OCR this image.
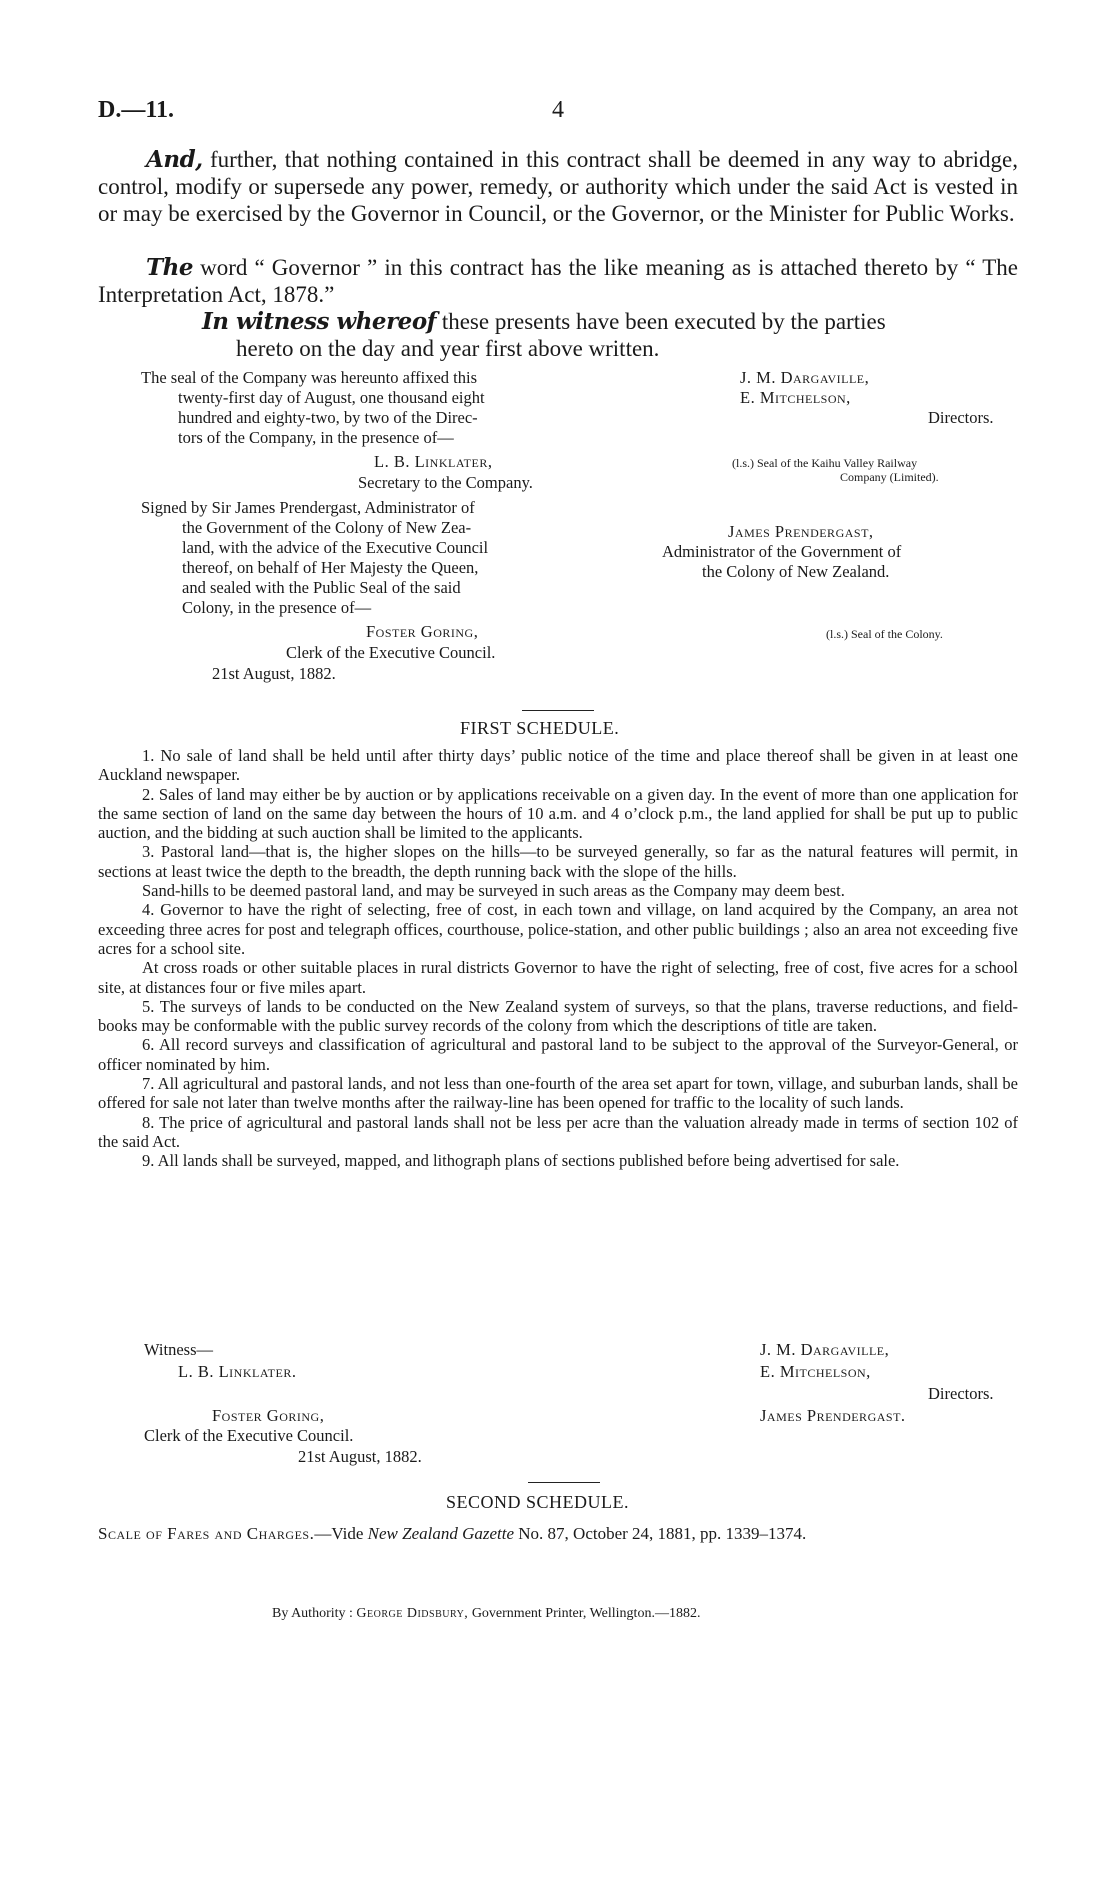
D.—11.	4

And, further, that nothing contained in this contract shall be deemed in any way to abridge, control, modify or supersede any power, remedy, or authority which under the said Act is vested in or may be exercised by the Governor in Council, or the Governor, or the Minister for Public Works.

The word “ Governor ” in this contract has the like meaning as is attached thereto by “ The Interpretation Act, 1878.”

In witness whereof these presents have been executed by the parties
hereto on the day and year first above written.
The seal of the Company was hereunto affixed this
twenty-first day of August, one thousand eight
hundred and eighty-two, by two of the Direc-
tors of the Company, in the presence of—
L. B. Linklater,
Secretary to the Company.
J. M. Dargaville,
E. Mitchelson,
Directors.
(l.s.) Seal of the Kaihu Valley Railway
Company (Limited).
Signed by Sir James Prendergast, Administrator of
the Government of the Colony of New Zea-
land, with the advice of the Executive Council
thereof, on behalf of Her Majesty the Queen,
and sealed with the Public Seal of the said
Colony, in the presence of—
Foster Goring,
Clerk of the Executive Council.
21st August, 1882.
James Prendergast,
Administrator of the Government of
the Colony of New Zealand.
(l.s.) Seal of the Colony.
FIRST SCHEDULE.
1. No sale of land shall be held until after thirty days’ public notice of the time and place thereof shall be given in at least one Auckland newspaper.
2. Sales of land may either be by auction or by applications receivable on a given day. In the event of more than one application for the same section of land on the same day between the hours of 10 a.m. and 4 o’clock p.m., the land applied for shall be put up to public auction, and the bidding at such auction shall be limited to the applicants.
3. Pastoral land—that is, the higher slopes on the hills—to be surveyed generally, so far as the natural features will permit, in sections at least twice the depth to the breadth, the depth running back with the slope of the hills.
Sand-hills to be deemed pastoral land, and may be surveyed in such areas as the Company may deem best.
4. Governor to have the right of selecting, free of cost, in each town and village, on land acquired by the Company, an area not exceeding three acres for post and telegraph offices, courthouse, police-station, and other public buildings ; also an area not exceeding five acres for a school site.
At cross roads or other suitable places in rural districts Governor to have the right of selecting, free of cost, five acres for a school site, at distances four or five miles apart.
5. The surveys of lands to be conducted on the New Zealand system of surveys, so that the plans, traverse reductions, and field-books may be conformable with the public survey records of the colony from which the descriptions of title are taken.
6. All record surveys and classification of agricultural and pastoral land to be subject to the approval of the Surveyor-General, or officer nominated by him.
7. All agricultural and pastoral lands, and not less than one-fourth of the area set apart for town, village, and suburban lands, shall be offered for sale not later than twelve months after the railway-line has been opened for traffic to the locality of such lands.
8. The price of agricultural and pastoral lands shall not be less per acre than the valuation already made in terms of section 102 of the said Act.
9. All lands shall be surveyed, mapped, and lithograph plans of sections published before being advertised for sale.
Witness—
L. B. Linklater.
Foster Goring,
Clerk of the Executive Council.
21st August, 1882.
J. M. Dargaville,
E. Mitchelson,
Directors.
James Prendergast.
SECOND SCHEDULE.
Scale of Fares and Charges.—Vide New Zealand Gazette No. 87, October 24, 1881, pp. 1339–1374.
By Authority : George Didsbury, Government Printer, Wellington.—1882.
